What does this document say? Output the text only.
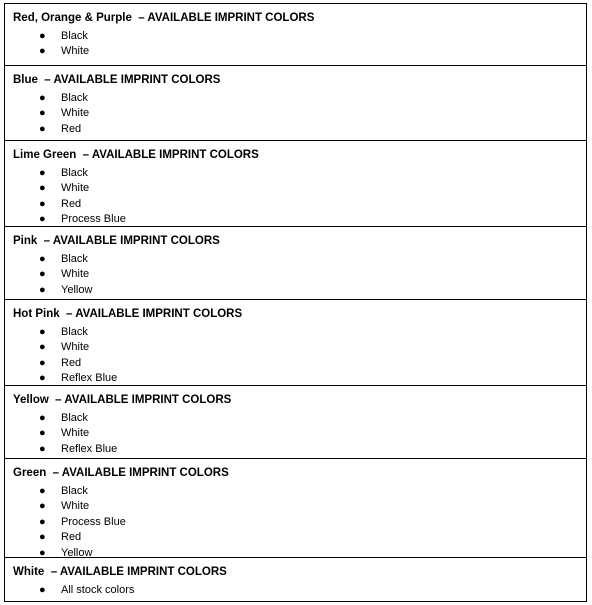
Red, Orange & Purple  – AVAILABLE IMPRINT COLORS

● Black
● White

Blue  – AVAILABLE IMPRINT COLORS

● Black
● White
● Red

Lime Green  – AVAILABLE IMPRINT COLORS

● Black
● White
● Red
● Process Blue

Pink  – AVAILABLE IMPRINT COLORS

● Black
● White
● Yellow

Hot Pink  – AVAILABLE IMPRINT COLORS

● Black
● White
● Red
● Reflex Blue

Yellow  – AVAILABLE IMPRINT COLORS

● Black
● White
● Reflex Blue

Green  – AVAILABLE IMPRINT COLORS

● Black
● White
● Process Blue
● Red
● Yellow

White  – AVAILABLE IMPRINT COLORS

● All stock colors
